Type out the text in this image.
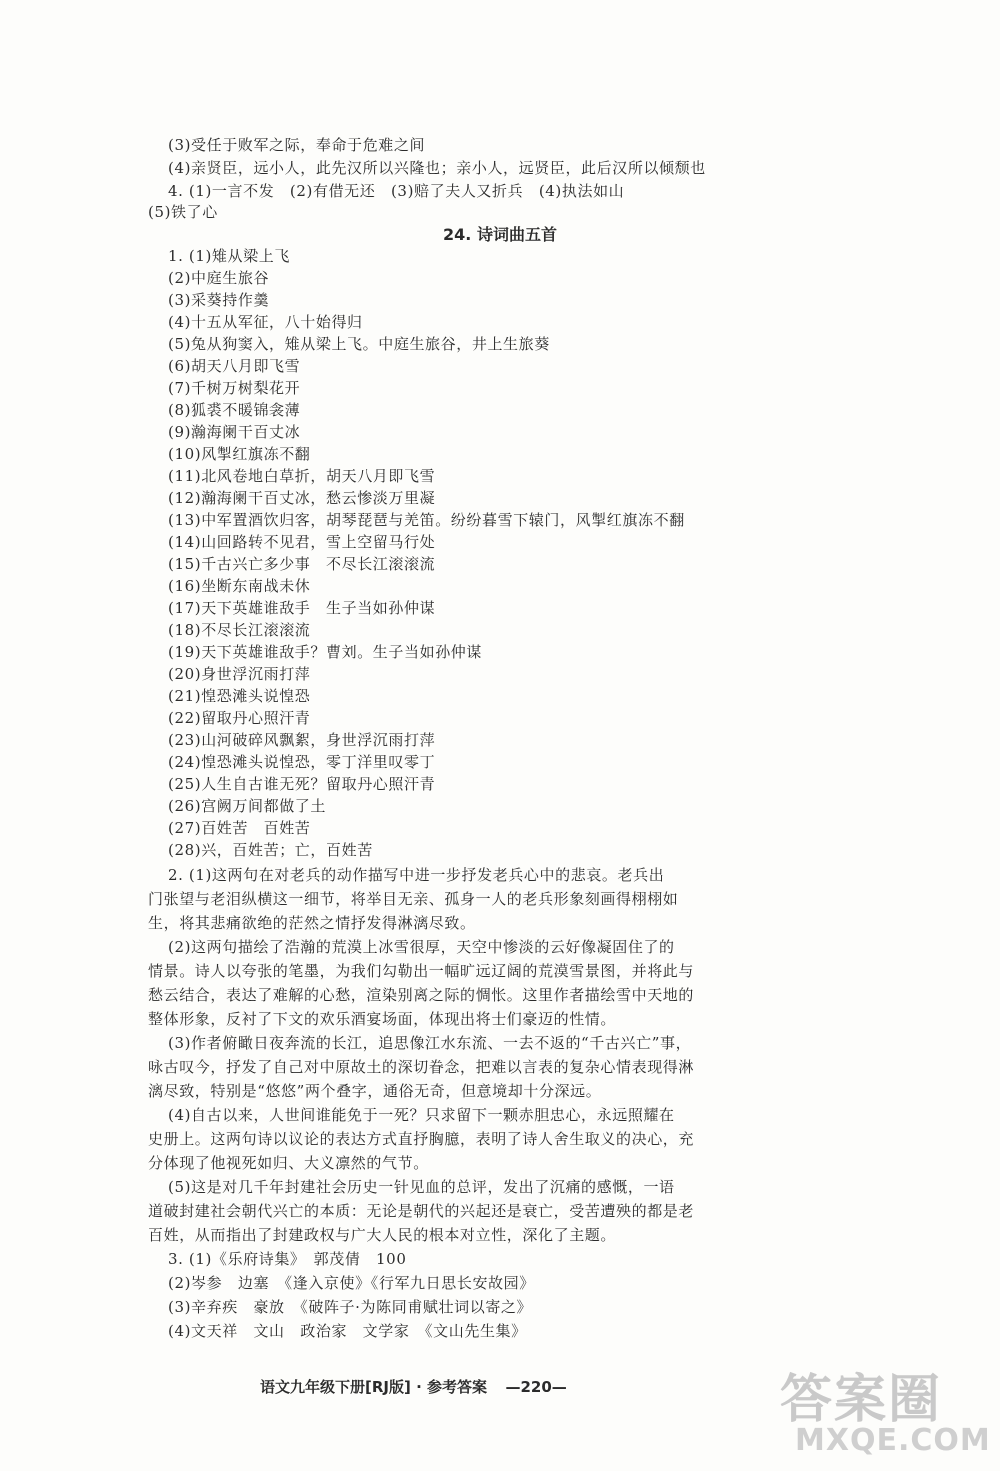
(3)受任于败军之际，奉命于危难之间
(4)亲贤臣，远小人，此先汉所以兴隆也；亲小人，远贤臣，此后汉所以倾颓也
4. (1)一言不发　(2)有借无还　(3)赔了夫人又折兵　(4)执法如山
(5)铁了心
24. 诗词曲五首
1. (1)雉从梁上飞
(2)中庭生旅谷
(3)采葵持作羹
(4)十五从军征，八十始得归
(5)兔从狗窦入，雉从梁上飞。中庭生旅谷，井上生旅葵
(6)胡天八月即飞雪
(7)千树万树梨花开
(8)狐裘不暖锦衾薄
(9)瀚海阑干百丈冰
(10)风掣红旗冻不翻
(11)北风卷地白草折，胡天八月即飞雪
(12)瀚海阑干百丈冰，愁云惨淡万里凝
(13)中军置酒饮归客，胡琴琵琶与羌笛。纷纷暮雪下辕门，风掣红旗冻不翻
(14)山回路转不见君，雪上空留马行处
(15)千古兴亡多少事　不尽长江滚滚流
(16)坐断东南战未休
(17)天下英雄谁敌手　生子当如孙仲谋
(18)不尽长江滚滚流
(19)天下英雄谁敌手？曹刘。生子当如孙仲谋
(20)身世浮沉雨打萍
(21)惶恐滩头说惶恐
(22)留取丹心照汗青
(23)山河破碎风飘絮，身世浮沉雨打萍
(24)惶恐滩头说惶恐，零丁洋里叹零丁
(25)人生自古谁无死？留取丹心照汗青
(26)宫阙万间都做了土
(27)百姓苦　百姓苦
(28)兴，百姓苦；亡，百姓苦
2. (1)这两句在对老兵的动作描写中进一步抒发老兵心中的悲哀。老兵出
门张望与老泪纵横这一细节，将举目无亲、孤身一人的老兵形象刻画得栩栩如
生，将其悲痛欲绝的茫然之情抒发得淋漓尽致。
(2)这两句描绘了浩瀚的荒漠上冰雪很厚，天空中惨淡的云好像凝固住了的
情景。诗人以夸张的笔墨，为我们勾勒出一幅旷远辽阔的荒漠雪景图，并将此与
愁云结合，表达了难解的心愁，渲染别离之际的惆怅。这里作者描绘雪中天地的
整体形象，反衬了下文的欢乐酒宴场面，体现出将士们豪迈的性情。
(3)作者俯瞰日夜奔流的长江，追思像江水东流、一去不返的“千古兴亡”事，
咏古叹今，抒发了自己对中原故土的深切眷念，把难以言表的复杂心情表现得淋
漓尽致，特别是“悠悠”两个叠字，通俗无奇，但意境却十分深远。
(4)自古以来，人世间谁能免于一死？只求留下一颗赤胆忠心，永远照耀在
史册上。这两句诗以议论的表达方式直抒胸臆，表明了诗人舍生取义的决心，充
分体现了他视死如归、大义凛然的气节。
(5)这是对几千年封建社会历史一针见血的总评，发出了沉痛的感慨，一语
道破封建社会朝代兴亡的本质：无论是朝代的兴起还是衰亡，受苦遭殃的都是老
百姓，从而指出了封建政权与广大人民的根本对立性，深化了主题。
3. (1)《乐府诗集》　郭茂倩　100
(2)岑参　边塞　《逢入京使》《行军九日思长安故园》
(3)辛弃疾　豪放　《破阵子·为陈同甫赋壮词以寄之》
(4)文天祥　文山　政治家　文学家　《文山先生集》
语文九年级下册[RJ版] · 参考答案 —220—	答案圈
MXQE.COM
